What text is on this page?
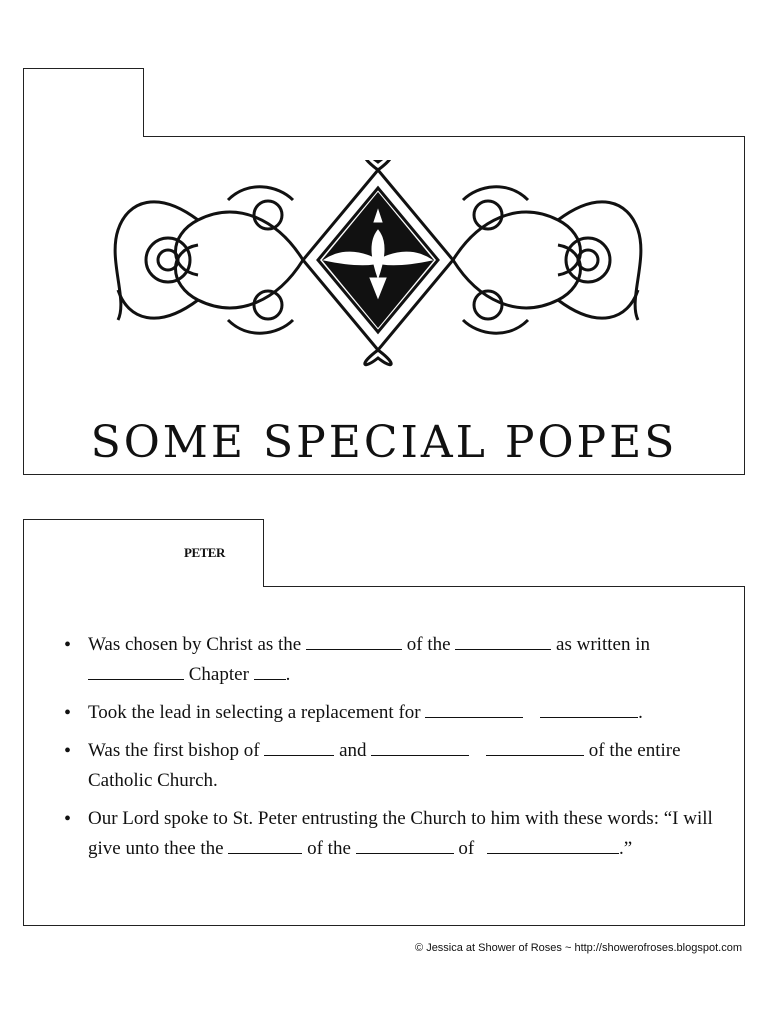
SOME SPECIAL POPES
PETER
• Was chosen by Christ as the	of the	as written in  Chapter .
• Took the lead in selecting a replacement for	.
• Was the first bishop of	and	of the entire Catholic Church.
• Our Lord spoke to St. Peter entrusting the Church to him with these words: “I will give unto thee the	of the	of	.”
© Jessica at Shower of Roses ~ http://showerofroses.blogspot.com
